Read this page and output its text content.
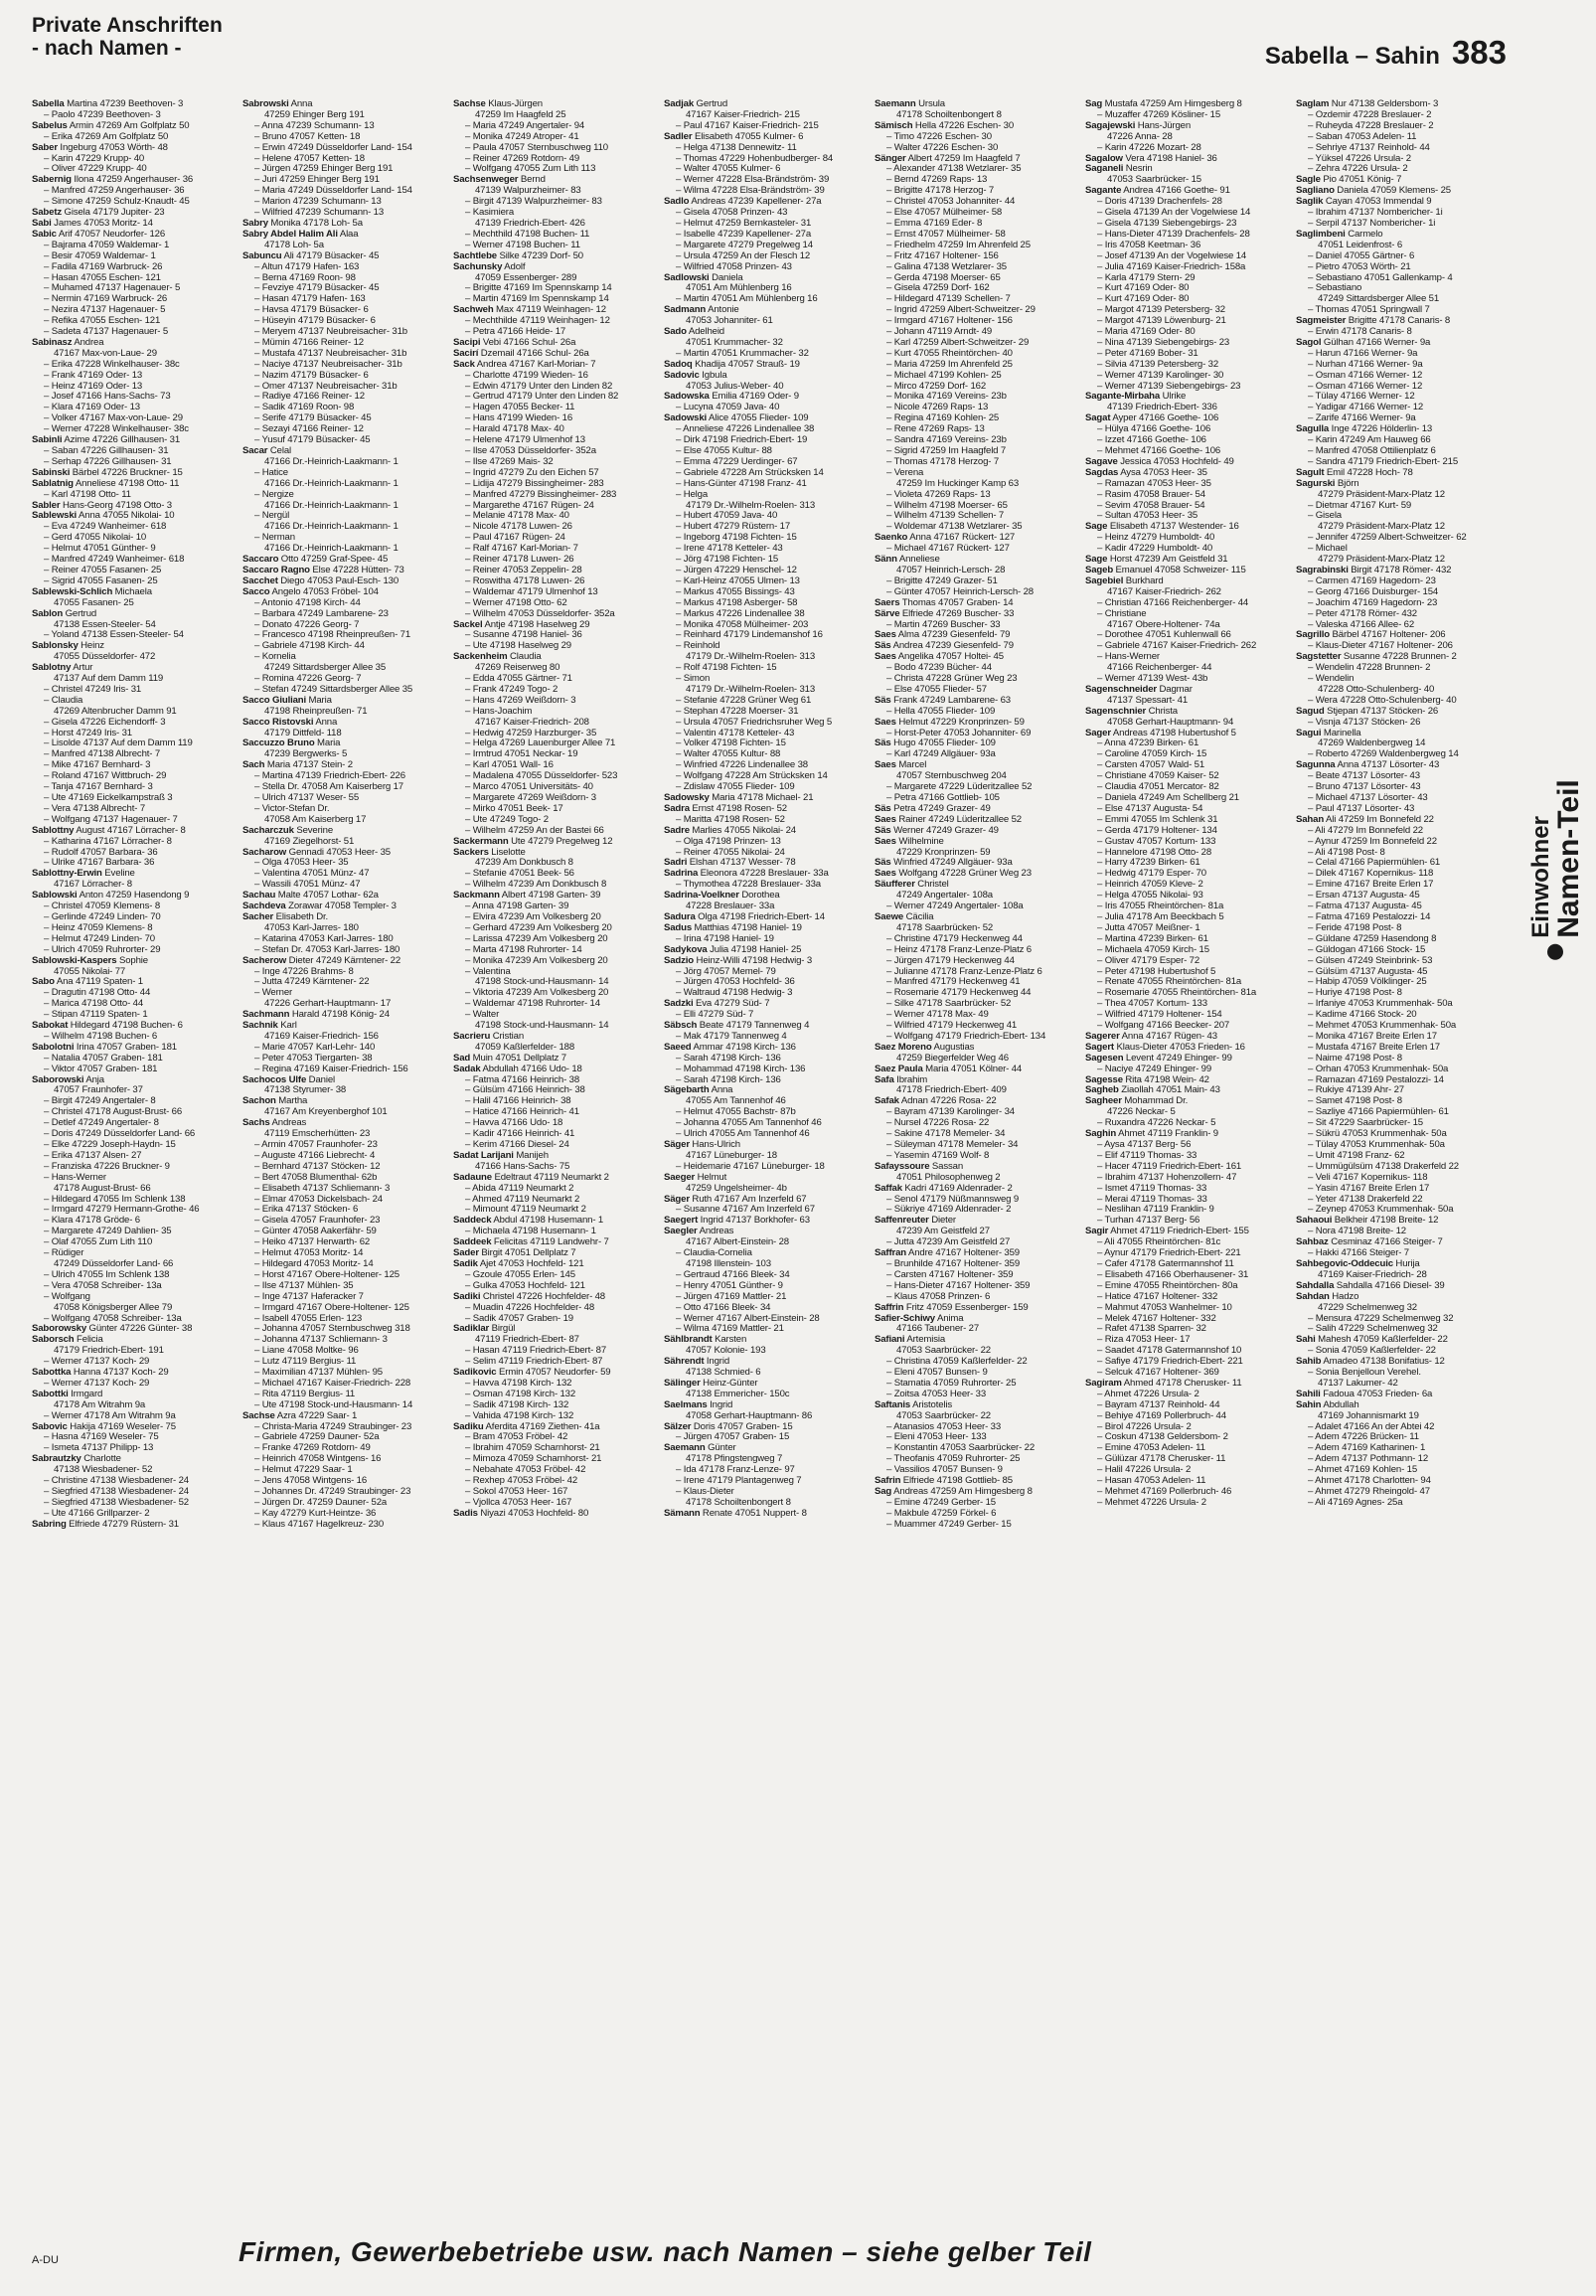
Private Anschriften
- nach Namen -	Sabella – Sahin 383
Sabella Martina 47239 Beethoven- 3
– Paolo 47239 Beethoven- 3
Sabelus Armin 47269 Am Golfplatz 50
– Erika 47269 Am Golfplatz 50
Saber Ingeburg 47053 Wörth- 48
– Karin 47229 Krupp- 40
– Oliver 47229 Krupp- 40
Sabernig Ilona 47259 Angerhauser- 36
– Manfred 47259 Angerhauser- 36
– Simone 47259 Schulz-Knaudt- 45
Sabetz Gisela 47179 Jupiter- 23
Sabi James 47053 Moritz- 14
Sabic Arif 47057 Neudorfer- 126
– Bajrama 47059 Waldemar- 1
– Besir 47059 Waldemar- 1
– Fadila 47169 Warbruck- 26
– Hasan 47055 Eschen- 121
– Muhamed 47137 Hagenauer- 5
– Nermin 47169 Warbruck- 26
– Nezira 47137 Hagenauer- 5
– Refika 47055 Eschen- 121
– Sadeta 47137 Hagenauer- 5
Sabinasz Andrea
47167 Max-von-Laue- 29
– Erika 47228 Winkelhauser- 38c
– Frank 47169 Oder- 13
– Heinz 47169 Oder- 13
– Josef 47166 Hans-Sachs- 73
– Klara 47169 Oder- 13
– Volker 47167 Max-von-Laue- 29
– Werner 47228 Winkelhauser- 38c
Sabinli Azime 47226 Gillhausen- 31
– Saban 47226 Gillhausen- 31
– Serhap 47226 Gillhausen- 31
Sabinski Bärbel 47226 Bruckner- 15
Sablatnig Anneliese 47198 Otto- 11
– Karl 47198 Otto- 11
Sabler Hans-Georg 47198 Otto- 3
Sablewski Anna 47055 Nikolai- 10
– Eva 47249 Wanheimer- 618
– Gerd 47055 Nikolai- 10
– Helmut 47051 Günther- 9
– Manfred 47249 Wanheimer- 618
– Reiner 47055 Fasanen- 25
– Sigrid 47055 Fasanen- 25
Sablewski-Schlich Michaela
47055 Fasanen- 25
Sablon Gertrud
47138 Essen-Steeler- 54
– Yoland 47138 Essen-Steeler- 54
Sablonsky Heinz
47055 Düsseldorfer- 472
Sablotny Artur
47137 Auf dem Damm 119
– Christel 47249 Iris- 31
– Claudia
47269 Altenbrucher Damm 91
– Gisela 47226 Eichendorff- 3
– Horst 47249 Iris- 31
– Lisolde 47137 Auf dem Damm 119
– Manfred 47138 Albrecht- 7
– Mike 47167 Bernhard- 3
– Roland 47167 Wittbruch- 29
– Tanja 47167 Bernhard- 3
– Ute 47169 Eickelkampstraß 3
– Vera 47138 Albrecht- 7
– Wolfgang 47137 Hagenauer- 7
Sablottny August 47167 Lörracher- 8
– Katharina 47167 Lörracher- 8
– Rudolf 47057 Barbara- 36
– Ulrike 47167 Barbara- 36
Sablottny-Erwin Eveline
47167 Lörracher- 8
Sablowski Anton 47259 Hasendong 9
– Christel 47059 Klemens- 8
– Gerlinde 47249 Linden- 70
– Heinz 47059 Klemens- 8
– Helmut 47249 Linden- 70
– Ulrich 47059 Ruhrorter- 29
Sablowski-Kaspers Sophie
47055 Nikolai- 77
Sabo Ana 47119 Spaten- 1
– Dragutin 47198 Otto- 44
– Marica 47198 Otto- 44
– Stipan 47119 Spaten- 1
Sabokat Hildegard 47198 Buchen- 6
– Wilhelm 47198 Buchen- 6
Sabolotni Irina 47057 Graben- 181
– Natalia 47057 Graben- 181
– Viktor 47057 Graben- 181
Saborowski Anja
47057 Fraunhofer- 37
– Birgit 47249 Angertaler- 8
– Christel 47178 August-Brust- 66
– Detlef 47249 Angertaler- 8
– Doris 47249 Düsseldorfer Land- 66
– Elke 47229 Joseph-Haydn- 15
– Erika 47137 Alsen- 27
– Franziska 47226 Bruckner- 9
– Hans-Werner
47178 August-Brust- 66
– Hildegard 47055 Im Schlenk 138
– Irmgard 47279 Hermann-Grothe- 46
– Klara 47178 Gröde- 6
– Margarete 47249 Dahlien- 35
– Olaf 47055 Zum Lith 110
– Rüdiger
47249 Düsseldorfer Land- 66
– Ulrich 47055 Im Schlenk 138
– Vera 47058 Schreiber- 13a
– Wolfgang
47058 Königsberger Allee 79
– Wolfgang 47058 Schreiber- 13a
Saborowsky Günter 47226 Günter- 38
Saborsch Felicia
47179 Friedrich-Ebert- 191
– Werner 47137 Koch- 29
Sabottka Hanna 47137 Koch- 29
– Werner 47137 Koch- 29
Sabottki Irmgard
47178 Am Witrahm 9a
– Werner 47178 Am Witrahm 9a
Sabovic Hakija 47169 Weseler- 75
– Hasna 47169 Weseler- 75
– Ismeta 47137 Philipp- 13
Sabrautzky Charlotte
47138 Wiesbadener- 52
– Christine 47138 Wiesbadener- 24
– Siegfried 47138 Wiesbadener- 24
– Siegfried 47138 Wiesbadener- 52
– Ute 47166 Grillparzer- 2
Sabring Elfriede 47279 Rüstern- 31
Sabrowski Anna
47259 Ehinger Berg 191
– Anna 47239 Schumann- 13
– Bruno 47057 Ketten- 18
– Erwin 47249 Düsseldorfer Land- 154
– Helene 47057 Ketten- 18
– Jürgen 47259 Ehinger Berg 191
– Juri 47259 Ehinger Berg 191
– Maria 47249 Düsseldorfer Land- 154
– Marion 47239 Schumann- 13
– Wilfried 47239 Schumann- 13
Sabry Monika 47178 Loh- 5a
Sabry Abdel Halim Ali Alaa
47178 Loh- 5a
Sabuncu Ali 47179 Büsacker- 45
– Altun 47179 Hafen- 163
– Berna 47169 Roon- 98
– Fevziye 47179 Büsacker- 45
– Hasan 47179 Hafen- 163
– Havsa 47179 Büsacker- 6
– Hüseyin 47179 Büsacker- 6
– Meryem 47137 Neubreisacher- 31b
– Mümin 47166 Reiner- 12
– Mustafa 47137 Neubreisacher- 31b
– Naciye 47137 Neubreisacher- 31b
– Nazim 47179 Büsacker- 6
– Ömer 47137 Neubreisacher- 31b
– Radiye 47166 Reiner- 12
– Sadik 47169 Roon- 98
– Serife 47179 Büsacker- 45
– Sezayi 47166 Reiner- 12
– Yusuf 47179 Büsacker- 45
Sacar Celal
47166 Dr.-Heinrich-Laakmann- 1
– Hatice
47166 Dr.-Heinrich-Laakmann- 1
– Nergize
47166 Dr.-Heinrich-Laakmann- 1
– Nergül
47166 Dr.-Heinrich-Laakmann- 1
– Nerman
47166 Dr.-Heinrich-Laakmann- 1
Saccaro Otto 47259 Graf-Spee- 45
Saccaro Ragno Else 47228 Hütten- 73
Sacchet Diego 47053 Paul-Esch- 130
Sacco Angelo 47053 Fröbel- 104
– Antonio 47198 Kirch- 44
– Barbara 47249 Lambarene- 23
– Donato 47226 Georg- 7
– Francesco 47198 Rheinpreußen- 71
– Gabriele 47198 Kirch- 44
– Kornelia
47249 Sittardsberger Allee 35
– Romina 47226 Georg- 7
– Stefan 47249 Sittardsberger Allee 35
Sacco Giuliani Maria
47198 Rheinpreußen- 71
Sacco Ristovski Anna
47179 Dittfeld- 118
Saccuzzo Bruno Maria
47239 Bergwerks- 5
Sach Maria 47137 Stein- 2
– Martina 47139 Friedrich-Ebert- 226
– Stella Dr. 47058 Am Kaiserberg 17
– Ulrich 47137 Weser- 55
– Victor-Stefan Dr.
47058 Am Kaiserberg 17
Sacharczuk Severine
47169 Ziegelhorst- 51
Sacharow Gennadi 47053 Heer- 35
– Olga 47053 Heer- 35
– Valentina 47051 Münz- 47
– Wassili 47051 Münz- 47
Sachau Malte 47057 Lothar- 62a
Sachdeva Zorawar 47058 Templer- 3
Sacher Elisabeth Dr.
47053 Karl-Jarres- 180
– Katarina 47053 Karl-Jarres- 180
– Stefan Dr. 47053 Karl-Jarres- 180
Sacherow Dieter 47249 Kärntener- 22
– Inge 47226 Brahms- 8
– Jutta 47249 Kärntener- 22
– Werner
47226 Gerhart-Hauptmann- 17
Sachmann Harald 47198 König- 24
Sachnik Karl
47169 Kaiser-Friedrich- 156
– Marie 47057 Karl-Lehr- 140
– Peter 47053 Tiergarten- 38
– Regina 47169 Kaiser-Friedrich- 156
Sachocos Ulfe Daniel
47138 Styrumer- 38
Sachon Martha
47167 Am Kreyenberghof 101
Sachs Andreas
47119 Emscherhütten- 23
– Armin 47057 Fraunhofer- 23
– Auguste 47166 Liebrecht- 4
– Bernhard 47137 Stöcken- 12
– Bert 47058 Blumenthal- 62b
– Elisabeth 47137 Schliemann- 3
– Elmar 47053 Dickelsbach- 24
– Erika 47137 Stöcken- 6
– Gisela 47057 Fraunhofer- 23
– Günter 47058 Aakerfähr- 59
– Heiko 47137 Herwarth- 62
– Helmut 47053 Moritz- 14
– Hildegard 47053 Moritz- 14
– Horst 47167 Obere-Holtener- 125
– Ilse 47137 Mühlen- 35
– Inge 47137 Haferacker 7
– Irmgard 47167 Obere-Holtener- 125
– Isabell 47055 Erlen- 123
– Johanna 47057 Sternbuschweg 318
– Johanna 47137 Schliemann- 3
– Liane 47058 Moltke- 96
– Lutz 47119 Bergius- 11
– Maximilian 47137 Mühlen- 95
– Michael 47167 Kaiser-Friedrich- 228
– Rita 47119 Bergius- 11
– Ute 47198 Stock-und-Hausmann- 14
Sachse Azra 47229 Saar- 1
– Christa-Maria 47249 Straubinger- 23
– Gabriele 47259 Dauner- 52a
– Franke 47269 Rotdorn- 49
– Heinrich 47058 Wintgens- 16
– Helmut 47229 Saar- 1
– Jens 47058 Wintgens- 16
– Johannes Dr. 47249 Straubinger- 23
– Jürgen Dr. 47259 Dauner- 52a
– Kay 47279 Kurt-Heintze- 36
– Klaus 47167 Hagelkreuz- 230
Sachse Klaus-Jürgen
47259 Im Haagfeld 25
– Maria 47249 Angertaler- 94
– Monika 47249 Atroper- 41
– Paula 47057 Sternbuschweg 110
– Reiner 47269 Rotdorn- 49
– Wolfgang 47055 Zum Lith 113
Sachsenweger Bernd
47139 Walpurzheimer- 83
– Birgit 47139 Walpurzheimer- 83
– Kasimiera
47139 Friedrich-Ebert- 426
– Mechthild 47198 Buchen- 11
– Werner 47198 Buchen- 11
Sachtlebe Silke 47239 Dorf- 50
Sachunsky Adolf
47059 Essenberger- 289
– Brigitte 47169 Im Spennskamp 14
– Martin 47169 Im Spennskamp 14
Sachweh Max 47119 Weinhagen- 12
– Mechthilde 47119 Weinhagen- 12
– Petra 47166 Heide- 17
Sacipi Vebi 47166 Schul- 26a
Sacirí Dzemail 47166 Schul- 26a
Sack Andrea 47167 Karl-Morian- 7
– Charlotte 47199 Wieden- 16
– Edwin 47179 Unter den Linden 82
– Gertrud 47179 Unter den Linden 82
– Hagen 47055 Becker- 11
– Hans 47199 Wieden- 16
– Harald 47178 Max- 40
– Helene 47179 Ulmenhof 13
– Ilse 47053 Düsseldorfer- 352a
– Ilse 47269 Mais- 32
– Ingrid 47279 Zu den Eichen 57
– Lidija 47279 Bissingheimer- 283
– Manfred 47279 Bissingheimer- 283
– Margarethe 47167 Rügen- 24
– Melanie 47178 Max- 40
– Nicole 47178 Luwen- 26
– Paul 47167 Rügen- 24
– Ralf 47167 Karl-Morian- 7
– Reiner 47178 Luwen- 26
– Reiner 47053 Zeppelin- 28
– Roswitha 47178 Luwen- 26
– Waldemar 47179 Ulmenhof 13
– Werner 47198 Otto- 62
– Wilhelm 47053 Düsseldorfer- 352a
Sackel Antje 47198 Haselweg 29
– Susanne 47198 Haniel- 36
– Ute 47198 Haselweg 29
Sackenheim Claudia
47269 Reiserweg 80
– Edda 47055 Gärtner- 71
– Frank 47249 Togo- 2
– Hans 47269 Weißdorn- 3
– Hans-Joachim
47167 Kaiser-Friedrich- 208
– Hedwig 47259 Harzburger- 35
– Helga 47269 Lauenburger Allee 71
– Irmtrud 47051 Neckar- 19
– Karl 47051 Wall- 16
– Madalena 47055 Düsseldorfer- 523
– Marco 47051 Universitäts- 40
– Margarete 47269 Weißdorn- 3
– Mirko 47051 Beek- 17
– Ute 47249 Togo- 2
– Wilhelm 47259 An der Bastei 66
Sackermann Ute 47279 Pregelweg 12
Sackers Liselotte
47239 Am Donkbusch 8
– Stefanie 47051 Beek- 56
– Wilhelm 47239 Am Donkbusch 8
Sackmann Albert 47198 Garten- 39
– Anna 47198 Garten- 39
– Elvira 47239 Am Volkesberg 20
– Gerhard 47239 Am Volkesberg 20
– Larissa 47239 Am Volkesberg 20
– Marta 47198 Ruhrorter- 14
– Monika 47239 Am Volkesberg 20
– Valentina
47198 Stock-und-Hausmann- 14
– Viktoria 47239 Am Volkesberg 20
– Waldemar 47198 Ruhrorter- 14
– Walter
47198 Stock-und-Hausmann- 14
Sacrieru Cristian
47059 Kaßlerfelder- 188
Sad Muin 47051 Dellplatz 7
Sadak Abdullah 47166 Udo- 18
– Fatma 47166 Heinrich- 38
– Gülsüm 47166 Heinrich- 38
– Halil 47166 Heinrich- 38
– Hatice 47166 Heinrich- 41
– Havva 47166 Udo- 18
– Kadir 47166 Heinrich- 41
– Kerim 47166 Diesel- 24
Sadat Larijani Manijeh
47166 Hans-Sachs- 75
Sadaune Edeltraut 47119 Neumarkt 2
– Abida 47119 Neumarkt 2
– Ahmed 47119 Neumarkt 2
– Mimount 47119 Neumarkt 2
Saddeck Abdul 47198 Husemann- 1
– Michaela 47198 Husemann- 1
Saddeek Felicitas 47119 Landwehr- 7
Sader Birgit 47051 Dellplatz 7
Sadik Ajet 47053 Hochfeld- 121
– Gzoule 47055 Erlen- 145
– Gulka 47053 Hochfeld- 121
Sadiki Christel 47226 Hochfelder- 48
– Muadin 47226 Hochfelder- 48
– Sadik 47057 Graben- 19
Sadiklar Birgül
47119 Friedrich-Ebert- 87
– Hasan 47119 Friedrich-Ebert- 87
– Selim 47119 Friedrich-Ebert- 87
Sadikovic Ermin 47057 Neudorfer- 59
– Havva 47198 Kirch- 132
– Osman 47198 Kirch- 132
– Sadik 47198 Kirch- 132
– Vahida 47198 Kirch- 132
Sadiku Aferdita 47169 Ziethen- 41a
– Bram 47053 Fröbel- 42
– Ibrahim 47059 Scharnhorst- 21
– Mimoza 47059 Scharnhorst- 21
– Nebahate 47053 Fröbel- 42
– Rexhep 47053 Fröbel- 42
– Sokol 47053 Heer- 167
– Vjollca 47053 Heer- 167
Sadis Niyazi 47053 Hochfeld- 80
Sadjak Gertrud
47167 Kaiser-Friedrich- 215
– Paul 47167 Kaiser-Friedrich- 215
Sadler Elisabeth 47055 Kulmer- 6
– Helga 47138 Dennewitz- 11
– Thomas 47229 Hohenbudberger- 84
– Walter 47055 Kulmer- 6
– Werner 47228 Elsa-Brändström- 39
– Wilma 47228 Elsa-Brändström- 39
Sadlo Andreas 47239 Kapellener- 27a
– Gisela 47058 Prinzen- 43
– Helmut 47259 Bernkasteler- 31
– Isabelle 47239 Kapellener- 27a
– Margarete 47279 Pregelweg 14
– Ursula 47259 An der Flesch 12
– Wilfried 47058 Prinzen- 43
Sadlowski Daniela
47051 Am Mühlenberg 16
– Martin 47051 Am Mühlenberg 16
Sadmann Antonie
47053 Johanniter- 61
Sado Adelheid
47051 Krummacher- 32
– Martin 47051 Krummacher- 32
Sadoq Khadija 47057 Strauß- 19
Sadovic Igbula
47053 Julius-Weber- 40
Sadowska Emilia 47169 Oder- 9
– Lucyna 47059 Java- 40
Sadowski Alice 47055 Flieder- 109
– Anneliese 47226 Lindenallee 38
– Dirk 47198 Friedrich-Ebert- 19
– Else 47055 Kultur- 88
– Emma 47229 Uerdinger- 67
– Gabriele 47228 Am Strücksken 14
– Hans-Günter 47198 Franz- 41
– Helga
47179 Dr.-Wilhelm-Roelen- 313
– Hubert 47059 Java- 40
– Hubert 47279 Rüstern- 17
– Ingeborg 47198 Fichten- 15
– Irene 47178 Ketteler- 43
– Jörg 47198 Fichten- 15
– Jürgen 47229 Henschel- 12
– Karl-Heinz 47055 Ulmen- 13
– Markus 47055 Bissings- 43
– Markus 47198 Asberger- 58
– Markus 47226 Lindenallee 38
– Monika 47058 Mülheimer- 203
– Reinhard 47179 Lindemanshof 16
– Reinhold
47179 Dr.-Wilhelm-Roelen- 313
– Rolf 47198 Fichten- 15
– Simon
47179 Dr.-Wilhelm-Roelen- 313
– Stefanie 47228 Grüner Weg 61
– Stephan 47228 Moerser- 31
– Ursula 47057 Friedrichsruher Weg 5
– Valentin 47178 Ketteler- 43
– Volker 47198 Fichten- 15
– Walter 47055 Kultur- 88
– Winfried 47226 Lindenallee 38
– Wolfgang 47228 Am Strücksken 14
– Zdislaw 47055 Flieder- 109
Sadowsky Maria 47178 Michael- 21
Sadra Ernst 47198 Rosen- 52
– Maritta 47198 Rosen- 52
Sadre Marlies 47055 Nikolai- 24
– Olga 47198 Prinzen- 13
– Reiner 47055 Nikolai- 24
Sadri Elshan 47137 Wesser- 78
Sadrina Eleonora 47228 Breslauer- 33a
– Thymothea 47228 Breslauer- 33a
Sadrina-Voelkner Dorothea
47228 Breslauer- 33a
Sadura Olga 47198 Friedrich-Ebert- 14
Sadus Matthias 47198 Haniel- 19
– Irina 47198 Haniel- 19
Sadykova Julia 47198 Haniel- 25
Sadzio Heinz-Willi 47198 Hedwig- 3
– Jörg 47057 Memel- 79
– Jürgen 47053 Hochfeld- 36
– Waltraud 47198 Hedwig- 3
Sadzki Eva 47279 Süd- 7
– Elli 47279 Süd- 7
Säbsch Beate 47179 Tannenweg 4
– Mak 47179 Tannenweg 4
Saeed Ammar 47198 Kirch- 136
– Sarah 47198 Kirch- 136
– Mohammad 47198 Kirch- 136
– Sarah 47198 Kirch- 136
Sägebarth Anna
47055 Am Tannenhof 46
– Helmut 47055 Bachstr- 87b
– Johanna 47055 Am Tannenhof 46
– Ulrich 47055 Am Tannenhof 46
Säger Hans-Ulrich
47167 Lüneburger- 18
– Heidemarie 47167 Lüneburger- 18
Saeger Helmut
47259 Ungelsheimer- 4b
Säger Ruth 47167 Am Inzerfeld 67
– Susanne 47167 Am Inzerfeld 67
Saegert Ingrid 47137 Borkhofer- 63
Saegler Andreas
47167 Albert-Einstein- 28
– Claudia-Cornelia
47198 Illenstein- 103
– Gertraud 47166 Bleek- 34
– Henry 47051 Günther- 9
– Jürgen 47169 Mattler- 21
– Otto 47166 Bleek- 34
– Werner 47167 Albert-Einstein- 28
– Wilma 47169 Mattler- 21
Sählbrandt Karsten
47057 Kolonie- 193
Sährendt Ingrid
47138 Schmied- 6
Sälinger Heinz-Günter
47138 Emmericher- 150c
Saelmans Ingrid
47058 Gerhart-Hauptmann- 86
Sälzer Doris 47057 Graben- 15
– Jürgen 47057 Graben- 15
Saemann Günter
47178 Pfingstengweg 7
– Ida 47178 Franz-Lenze- 97
– Irene 47179 Plantagenweg 7
– Klaus-Dieter
47178 Schoiltenbongert 8
Sämann Renate 47051 Nuppert- 8
Saemann Ursula
47178 Schoiltenbongert 8
Sämisch Hella 47226 Eschen- 30
– Timo 47226 Eschen- 30
– Walter 47226 Eschen- 30
Sänger Albert 47259 Im Haagfeld 7
– Alexander 47138 Wetzlarer- 35
– Bernd 47269 Raps- 13
– Brigitte 47178 Herzog- 7
– Christel 47053 Johanniter- 44
– Else 47057 Mülheimer- 58
– Emma 47169 Eder- 8
– Ernst 47057 Mülheimer- 58
– Friedhelm 47259 Im Ahrenfeld 25
– Fritz 47167 Holtener- 156
– Galina 47138 Wetzlarer- 35
– Gerda 47198 Moerser- 65
– Gisela 47259 Dorf- 162
– Hildegard 47139 Schellen- 7
– Ingrid 47259 Albert-Schweitzer- 29
– Irmgard 47167 Holtener- 156
– Johann 47119 Arndt- 49
– Karl 47259 Albert-Schweitzer- 29
– Kurt 47055 Rheintörchen- 40
– Maria 47259 Im Ahrenfeld 25
– Michael 47199 Kohlen- 25
– Mirco 47259 Dorf- 162
– Monika 47169 Vereins- 23b
– Nicole 47269 Raps- 13
– Regina 47169 Kohlen- 25
– Rene 47269 Raps- 13
– Sandra 47169 Vereins- 23b
– Sigrid 47259 Im Haagfeld 7
– Thomas 47178 Herzog- 7
– Verena
47259 Im Huckinger Kamp 63
– Violeta 47269 Raps- 13
– Wilhelm 47198 Moerser- 65
– Wilhelm 47139 Schellen- 7
– Woldemar 47138 Wetzlarer- 35
Saenko Anna 47167 Rückert- 127
– Michael 47167 Rückert- 127
Sänn Anneliese
47057 Heinrich-Lersch- 28
– Brigitte 47249 Grazer- 51
– Günter 47057 Heinrich-Lersch- 28
Saers Thomas 47057 Graben- 14
Särve Elfriede 47269 Buscher- 33
– Martin 47269 Buscher- 33
Saes Alma 47239 Giesenfeld- 79
Säs Andrea 47239 Giesenfeld- 79
Saes Angelika 47057 Holtei- 45
– Bodo 47239 Bücher- 44
– Christa 47228 Grüner Weg 23
– Else 47055 Flieder- 57
Säs Frank 47249 Lambarene- 63
– Hella 47055 Flieder- 109
Saes Helmut 47229 Kronprinzen- 59
– Horst-Peter 47053 Johanniter- 69
Säs Hugo 47055 Flieder- 109
– Karl 47249 Allgäuer- 93a
Saes Marcel
47057 Sternbuschweg 204
– Margarete 47229 Lüderitzallee 52
– Petra 47166 Gottlieb- 105
Säs Petra 47249 Grazer- 49
Saes Rainer 47249 Lüderitzallee 52
Säs Werner 47249 Grazer- 49
Saes Wilhelmine
47229 Kronprinzen- 59
Säs Winfried 47249 Allgäuer- 93a
Saes Wolfgang 47228 Grüner Weg 23
Säufferer Christel
47249 Angertaler- 108a
– Werner 47249 Angertaler- 108a
Saewe Cäcilia
47178 Saarbrücken- 52
– Christine 47179 Heckenweg 44
– Heinz 47178 Franz-Lenze-Platz 6
– Jürgen 47179 Heckenweg 44
– Julianne 47178 Franz-Lenze-Platz 6
– Manfred 47179 Heckenweg 41
– Rosemarie 47179 Heckenweg 44
– Silke 47178 Saarbrücker- 52
– Werner 47178 Max- 49
– Wilfried 47179 Heckenweg 41
– Wolfgang 47179 Friedrich-Ebert- 134
Saez Moreno Augustias
47259 Biegerfelder Weg 46
Saez Paula Maria 47051 Kölner- 44
Safa Ibrahim
47178 Friedrich-Ebert- 409
Safak Adnan 47226 Rosa- 22
– Bayram 47139 Karolinger- 34
– Nursel 47226 Rosa- 22
– Sakine 47178 Memeler- 34
– Süleyman 47178 Memeler- 34
– Yasemin 47169 Wolf- 8
Safayssoure Sassan
47051 Philosophenweg 2
Saffak Kadri 47169 Aldenrader- 2
– Senol 47179 Nüßmannsweg 9
– Sükriye 47169 Aldenrader- 2
Saffenreuter Dieter
47239 Am Geistfeld 27
– Jutta 47239 Am Geistfeld 27
Saffran Andre 47167 Holtener- 359
– Brunhilde 47167 Holtener- 359
– Carsten 47167 Holtener- 359
– Hans-Dieter 47167 Holtener- 359
– Klaus 47058 Prinzen- 6
Saffrin Fritz 47059 Essenberger- 159
Safier-Schiwy Anima
47166 Taubener- 27
Safiani Artemisia
47053 Saarbrücker- 22
– Christina 47059 Kaßlerfelder- 22
– Eleni 47057 Bunsen- 9
– Stamatia 47059 Ruhrorter- 25
– Zoitsa 47053 Heer- 33
Saftanis Aristotelis
47053 Saarbrücker- 22
– Atanasios 47053 Heer- 33
– Eleni 47053 Heer- 133
– Konstantin 47053 Saarbrücker- 22
– Theofanis 47059 Ruhrorter- 25
– Vassilios 47057 Bunsen- 9
Safrin Elfriede 47198 Gottlieb- 85
Sag Andreas 47259 Am Himgesberg 8
– Emine 47249 Gerber- 15
– Makbule 47259 Förkel- 6
– Muammer 47249 Gerber- 15
Sag Mustafa 47259 Am Himgesberg 8
– Muzaffer 47269 Kösliner- 15
Sagajewski Hans-Jürgen
47226 Anna- 28
– Karin 47226 Mozart- 28
Sagalow Vera 47198 Haniel- 36
Saganeli Nesrin
47053 Saarbrücker- 15
Sagante Andrea 47166 Goethe- 91
– Doris 47139 Drachenfels- 28
– Gisela 47139 An der Vogelwiese 14
– Gisela 47139 Siebengebirgs- 23
– Hans-Dieter 47139 Drachenfels- 28
– Iris 47058 Keetman- 36
– Josef 47139 An der Vogelwiese 14
– Julia 47169 Kaiser-Friedrich- 158a
– Karla 47179 Stern- 29
– Kurt 47169 Oder- 80
– Kurt 47169 Oder- 80
– Margot 47139 Petersberg- 32
– Margot 47139 Löwenburg- 21
– Maria 47169 Oder- 80
– Nina 47139 Siebengebirgs- 23
– Peter 47169 Bober- 31
– Silvia 47139 Petersberg- 32
– Werner 47139 Karolinger- 30
– Werner 47139 Siebengebirgs- 23
Sagante-Mirbaha Ulrike
47139 Friedrich-Ebert- 336
Sagat Ayper 47166 Goethe- 106
– Hülya 47166 Goethe- 106
– Izzet 47166 Goethe- 106
– Mehmet 47166 Goethe- 106
Sagave Jessica 47053 Hochfeld- 49
Sagdas Aysa 47053 Heer- 35
– Ramazan 47053 Heer- 35
– Rasim 47058 Brauer- 54
– Sevim 47058 Brauer- 54
– Sultan 47053 Heer- 35
Sage Elisabeth 47137 Westender- 16
– Heinz 47279 Humboldt- 40
– Kadir 47229 Humboldt- 40
Sage Horst 47239 Am Geistfeld 31
Sageb Emanuel 47058 Schweizer- 115
Sagebiel Burkhard
47167 Kaiser-Friedrich- 262
– Christian 47166 Reichenberger- 44
– Christiane
47167 Obere-Holtener- 74a
– Dorothee 47051 Kuhlenwall 66
– Gabriele 47167 Kaiser-Friedrich- 262
– Hans-Werner
47166 Reichenberger- 44
– Werner 47139 West- 43b
Sagenschneider Dagmar
47137 Spessart- 41
Sagenschnier Christa
47058 Gerhart-Hauptmann- 94
Sager Andreas 47198 Hubertushof 5
– Anna 47239 Birken- 61
– Caroline 47059 Kirch- 15
– Carsten 47057 Wald- 51
– Christiane 47059 Kaiser- 52
– Claudia 47051 Mercator- 82
– Daniela 47249 Am Schellberg 21
– Else 47137 Augusta- 54
– Emmi 47055 Im Schlenk 31
– Gerda 47179 Holtener- 134
– Gustav 47057 Kortum- 133
– Hannelore 47198 Otto- 28
– Harry 47239 Birken- 61
– Hedwig 47179 Esper- 70
– Heinrich 47059 Kleve- 2
– Helga 47055 Nikolai- 93
– Iris 47055 Rheintörchen- 81a
– Julia 47178 Am Beeckbach 5
– Jutta 47057 Meißner- 1
– Martina 47239 Birken- 61
– Michaela 47059 Kirch- 15
– Oliver 47179 Esper- 72
– Peter 47198 Hubertushof 5
– Renate 47055 Rheintörchen- 81a
– Rosemarie 47055 Rheintörchen- 81a
– Thea 47057 Kortum- 133
– Wilfried 47179 Holtener- 154
– Wolfgang 47166 Beecker- 207
Sagerer Anna 47167 Rügen- 43
Sagert Klaus-Dieter 47053 Frieden- 16
Sagesen Levent 47249 Ehinger- 99
– Naciye 47249 Ehinger- 99
Sagesse Rita 47198 Wein- 42
Sagheb Ziaollah 47051 Main- 43
Sagheer Mohammad Dr.
47226 Neckar- 5
– Ruxandra 47226 Neckar- 5
Saghin Ahmet 47119 Franklin- 9
– Aysa 47137 Berg- 56
– Elif 47119 Thomas- 33
– Hacer 47119 Friedrich-Ebert- 161
– Ibrahim 47137 Hohenzollern- 47
– Ismet 47119 Thomas- 33
– Merai 47119 Thomas- 33
– Neslihan 47119 Franklin- 9
– Turhan 47137 Berg- 56
Sagir Ahmet 47119 Friedrich-Ebert- 155
– Ali 47055 Rheintörchen- 81c
– Aynur 47179 Friedrich-Ebert- 221
– Cafer 47178 Gatermannshof 11
– Elisabeth 47166 Oberhausener- 31
– Emine 47055 Rheintörchen- 80a
– Hatice 47167 Holtener- 332
– Mahmut 47053 Wanhelmer- 10
– Melek 47167 Holtener- 332
– Rafet 47138 Sparren- 32
– Riza 47053 Heer- 17
– Saadet 47178 Gatermannshof 10
– Safiye 47179 Friedrich-Ebert- 221
– Selcuk 47167 Holtener- 369
Sagiram Ahmed 47178 Cherusker- 11
– Ahmet 47226 Ursula- 2
– Bayram 47137 Reinhold- 44
– Behiye 47169 Pollerbruch- 44
– Birol 47226 Ursula- 2
– Coskun 47138 Geldersbom- 2
– Emine 47053 Adelen- 11
– Gülüzar 47178 Cherusker- 11
– Halil 47226 Ursula- 2
– Hasan 47053 Adelen- 11
– Mehmet 47169 Pollerbruch- 46
– Mehmet 47226 Ursula- 2
Saglam Nur 47138 Geldersbom- 3
– Özdemir 47228 Breslauer- 2
– Ruheyda 47228 Breslauer- 2
– Saban 47053 Adelen- 11
– Sehriye 47137 Reinhold- 44
– Yüksel 47226 Ursula- 2
– Zehra 47226 Ursula- 2
Sagle Pio 47051 König- 7
Sagliano Daniela 47059 Klemens- 25
Saglik Cayan 47053 Immendal 9
– Ibrahim 47137 Nombericher- 1i
– Serpil 47137 Nombericher- 1i
Saglimbeni Carmelo
47051 Leidenfrost- 6
– Daniel 47055 Gärtner- 6
– Pietro 47053 Wörth- 21
– Sebastiano 47051 Gallenkamp- 4
– Sebastiano
47249 Sittardsberger Allee 51
– Thomas 47051 Springwall 7
Sagmeister Brigitte 47178 Canaris- 8
– Erwin 47178 Canaris- 8
Sagol Gülhan 47166 Werner- 9a
– Harun 47166 Werner- 9a
– Nurhan 47166 Werner- 9a
– Osman 47166 Werner- 12
– Osman 47166 Werner- 12
– Tülay 47166 Werner- 12
– Yadigar 47166 Werner- 12
– Zarife 47166 Werner- 9a
Sagulla Inge 47226 Hölderlin- 13
– Karin 47249 Am Hauweg 66
– Manfred 47058 Ottilienplatz 6
– Sandra 47179 Friedrich-Ebert- 215
Sagult Emil 47228 Hoch- 78
Sagurski Björn
47279 Präsident-Marx-Platz 12
– Dietmar 47167 Kurt- 59
– Gisela
47279 Präsident-Marx-Platz 12
– Jennifer 47259 Albert-Schweitzer- 62
– Michael
47279 Präsident-Marx-Platz 12
Sagrabinski Birgit 47178 Römer- 432
– Carmen 47169 Hagedorn- 23
– Georg 47166 Duisburger- 154
– Joachim 47169 Hagedorn- 23
– Peter 47178 Römer- 432
– Valeska 47166 Allee- 62
Sagrillo Bärbel 47167 Holtener- 206
– Klaus-Dieter 47167 Holtener- 206
Sagstetter Susanne 47228 Brunnen- 2
– Wendelin 47228 Brunnen- 2
– Wendelin
47228 Otto-Schulenberg- 40
– Wera 47228 Otto-Schulenberg- 40
Sagud Stjepan 47137 Stöcken- 26
– Visnja 47137 Stöcken- 26
Sagui Marinella
47269 Waldenbergweg 14
– Roberto 47269 Waldenbergweg 14
Sagunna Anna 47137 Lösorter- 43
– Beate 47137 Lösorter- 43
– Bruno 47137 Lösorter- 43
– Michael 47137 Lösorter- 43
– Paul 47137 Lösorter- 43
Sahan Ali 47259 Im Bonnefeld 22
– Ali 47279 Im Bonnefeld 22
– Aynur 47259 Im Bonnefeld 22
– Ali 47198 Post- 8
– Celal 47166 Papiermühlen- 61
– Dilek 47167 Kopernikus- 118
– Emine 47167 Breite Erlen 17
– Ersan 47137 Augusta- 45
– Fatma 47137 Augusta- 45
– Fatma 47169 Pestalozzi- 14
– Feride 47198 Post- 8
– Güldane 47259 Hasendong 8
– Güldogan 47166 Stock- 15
– Gülsen 47249 Steinbrink- 53
– Gülsüm 47137 Augusta- 45
– Habip 47059 Völklinger- 25
– Huriye 47198 Post- 8
– Irfaniye 47053 Krummenhak- 50a
– Kadime 47166 Stock- 20
– Mehmet 47053 Krummenhak- 50a
– Monika 47167 Breite Erlen 17
– Mustafa 47167 Breite Erlen 17
– Naime 47198 Post- 8
– Orhan 47053 Krummenhak- 50a
– Ramazan 47169 Pestalozzi- 14
– Rukiye 47139 Ahr- 27
– Samet 47198 Post- 8
– Sazliye 47166 Papiermühlen- 61
– Sit 47229 Saarbrücker- 15
– Sükrü 47053 Krummenhak- 50a
– Tülay 47053 Krummenhak- 50a
– Ümit 47198 Franz- 62
– Ümmügülsüm 47138 Drakerfeld 22
– Veli 47167 Kopernikus- 118
– Yasin 47167 Breite Erlen 17
– Yeter 47138 Drakerfeld 22
– Zeynep 47053 Krummenhak- 50a
Sahaoui Belkheir 47198 Breite- 12
– Nora 47198 Breite- 12
Sahbaz Cesminaz 47166 Steiger- 7
– Hakki 47166 Steiger- 7
Sahbegovic-Oddecuic Hurija
47169 Kaiser-Friedrich- 28
Sahdalla Sahdalla 47166 Diesel- 39
Sahdan Hadzo
47229 Schelmenweg 32
– Mensura 47229 Schelmenweg 32
– Salih 47229 Schelmenweg 32
Sahi Mahesh 47059 Kaßlerfelder- 22
– Sonia 47059 Kaßlerfelder- 22
Sahib Amadeo 47138 Bonifatius- 12
– Sonia Benjelloun Verehel.
47137 Lakumer- 42
Sahili Fadoua 47053 Frieden- 6a
Sahin Abdullah
47169 Johannismarkt 19
– Adalet 47166 An der Abtei 42
– Adem 47226 Brücken- 11
– Adem 47169 Katharinen- 1
– Adem 47137 Pothmann- 12
– Ahmet 47169 Kohlen- 15
– Ahmet 47178 Charlotten- 94
– Ahmet 47279 Rheingold- 47
– Ali 47169 Agnes- 25a
Einwohner
Namen-Teil
A-DU	Firmen, Gewerbebetriebe usw. nach Namen – siehe gelber Teil
